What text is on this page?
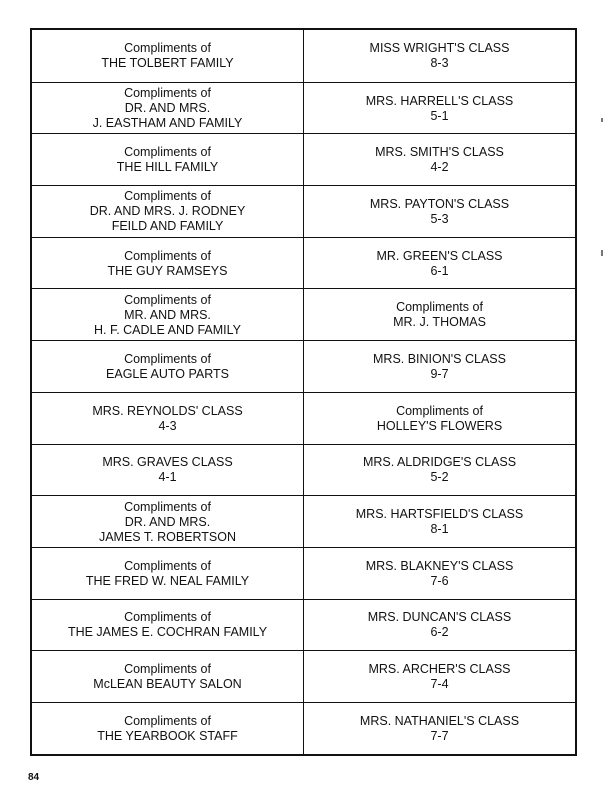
Compliments of
THE TOLBERT FAMILY
MISS WRIGHT'S CLASS
8-3
Compliments of
DR. AND MRS.
J. EASTHAM AND FAMILY
MRS. HARRELL'S CLASS
5-1
Compliments of
THE HILL FAMILY
MRS. SMITH'S CLASS
4-2
Compliments of
DR. AND MRS. J. RODNEY
FEILD AND FAMILY
MRS. PAYTON'S CLASS
5-3
Compliments of
THE GUY RAMSEYS
MR. GREEN'S CLASS
6-1
Compliments of
MR. AND MRS.
H. F. CADLE AND FAMILY
Compliments of
MR. J. THOMAS
Compliments of
EAGLE AUTO PARTS
MRS. BINION'S CLASS
9-7
MRS. REYNOLDS' CLASS
4-3
Compliments of
HOLLEY'S FLOWERS
MRS. GRAVES CLASS
4-1
MRS. ALDRIDGE'S CLASS
5-2
Compliments of
DR. AND MRS.
JAMES T. ROBERTSON
MRS. HARTSFIELD'S CLASS
8-1
Compliments of
THE FRED W. NEAL FAMILY
MRS. BLAKNEY'S CLASS
7-6
Compliments of
THE JAMES E. COCHRAN FAMILY
MRS. DUNCAN'S CLASS
6-2
Compliments of
McLEAN BEAUTY SALON
MRS. ARCHER'S CLASS
7-4
Compliments of
THE YEARBOOK STAFF
MRS. NATHANIEL'S CLASS
7-7
84
